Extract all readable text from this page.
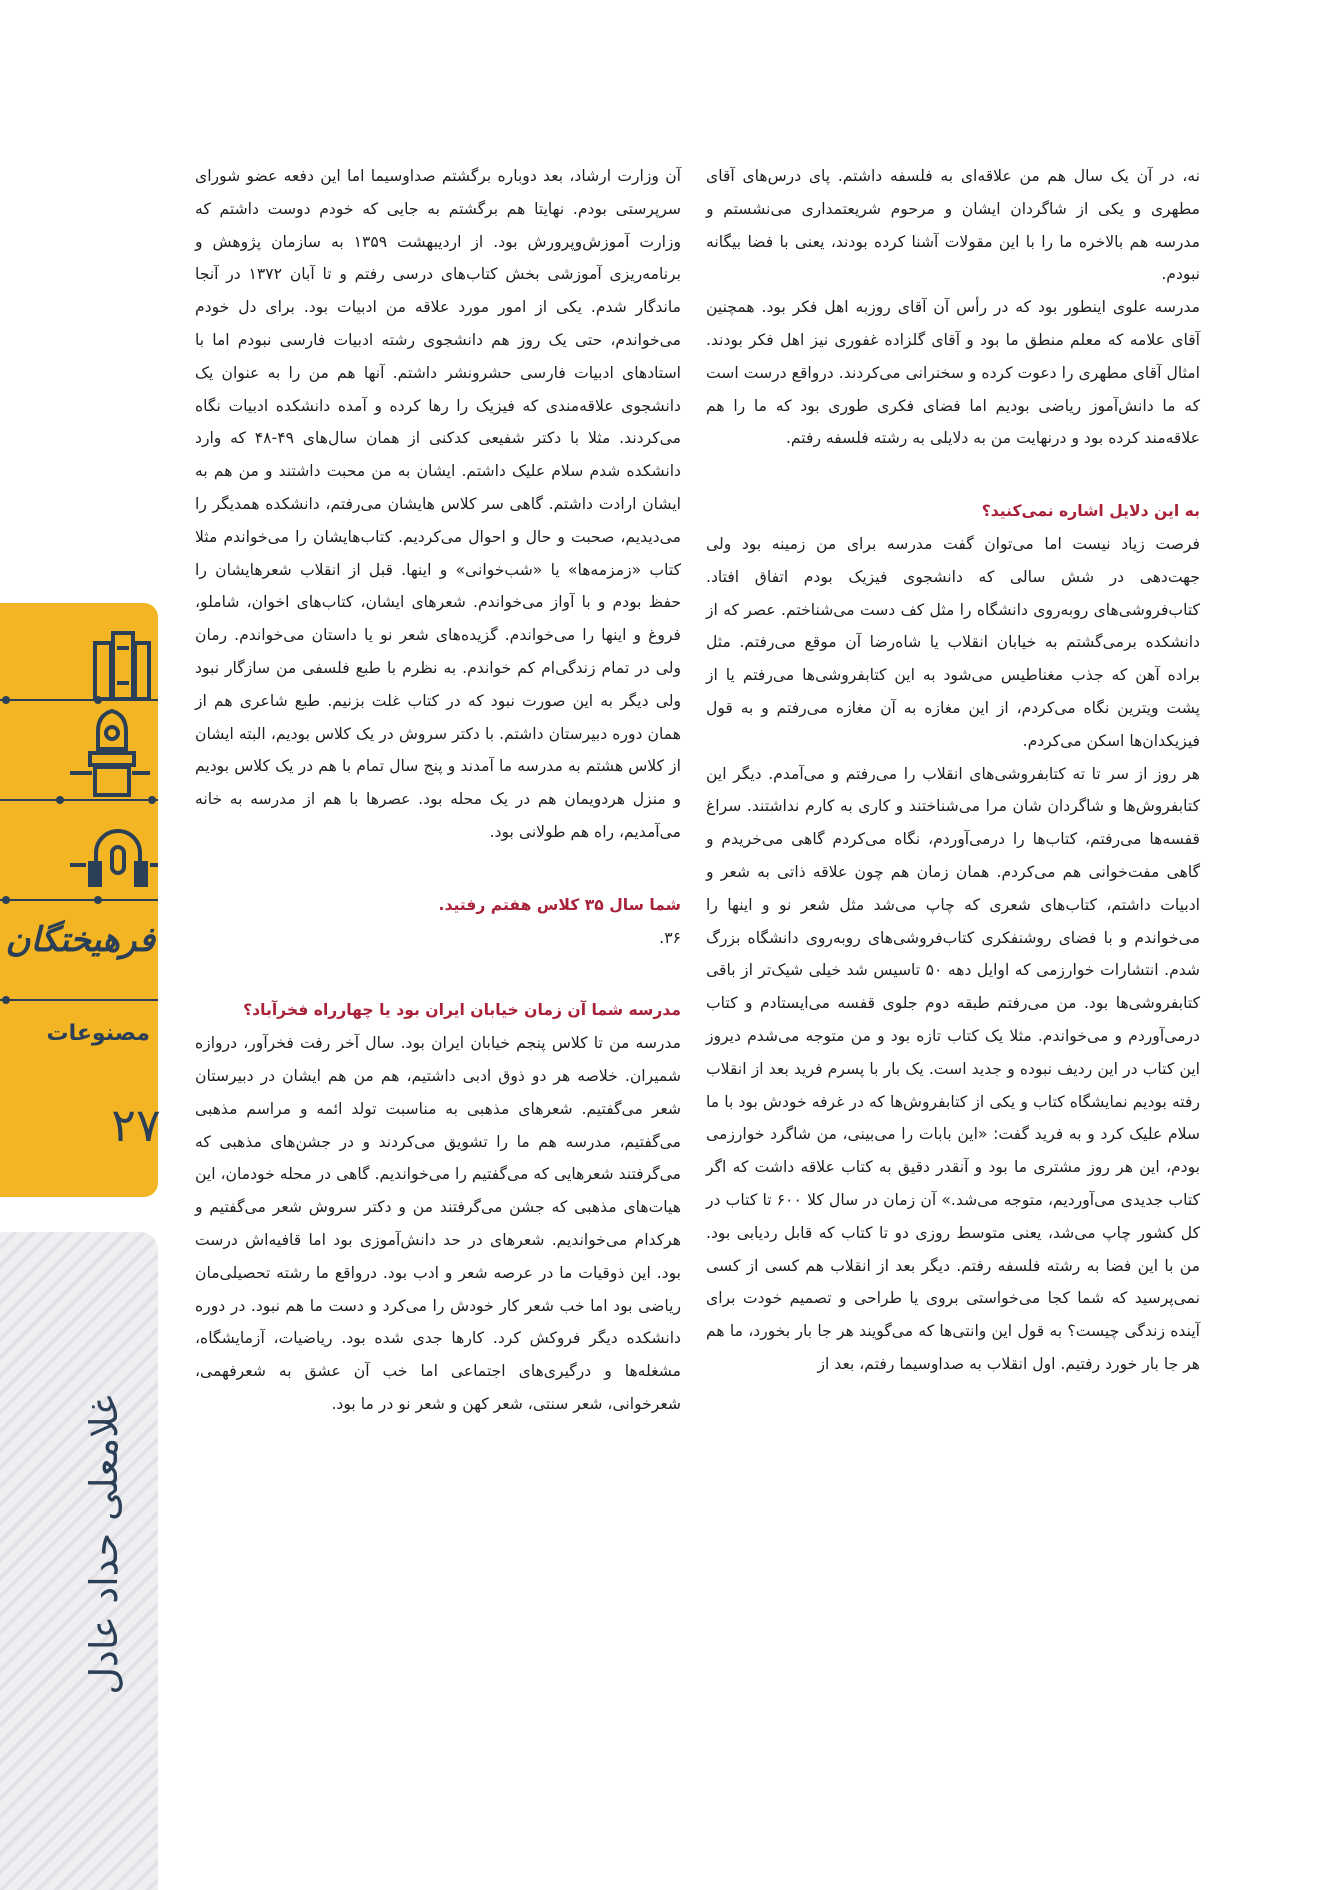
نه، در آن یک سال هم من علاقه‌ای به فلسفه داشتم. پای درس‌های آقای مطهری و یکی از شاگردان ایشان و مرحوم شریعتمداری می‌نشستم و مدرسه هم بالاخره ما را با این مقولات آشنا کرده بودند، یعنی با فضا بیگانه نبودم.

مدرسه علوی اینطور بود که در رأس آن آقای روزبه اهل فکر بود. همچنین آقای علامه که معلم منطق ما بود و آقای گلزاده غفوری نیز اهل فکر بودند. امثال آقای مطهری را دعوت کرده و سخنرانی می‌کردند. درواقع درست است که ما دانش‌آموز ریاضی بودیم اما فضای فکری طوری بود که ما را هم علاقه‌مند کرده بود و درنهایت من به دلایلی به رشته فلسفه رفتم.

به این دلایل اشاره نمی‌کنید؟

فرصت زیاد نیست اما می‌توان گفت مدرسه برای من زمینه بود ولی جهت‌دهی در شش سالی که دانشجوی فیزیک بودم اتفاق افتاد. کتاب‌فروشی‌های روبه‌روی دانشگاه را مثل کف دست می‌شناختم. عصر که از دانشکده برمی‌گشتم به خیابان انقلاب یا شاه‌رضا آن موقع می‌رفتم. مثل براده آهن که جذب مغناطیس می‌شود به این کتابفروشی‌ها می‌رفتم یا از پشت ویترین نگاه می‌کردم، از این مغازه به آن مغازه می‌رفتم و به قول فیزیکدان‌ها اسکن می‌کردم.

هر روز از سر تا ته کتابفروشی‌های انقلاب را می‌رفتم و می‌آمدم. دیگر این کتابفروش‌ها و شاگردان شان مرا می‌شناختند و کاری به کارم نداشتند. سراغ قفسه‌ها می‌رفتم، کتاب‌ها را درمی‌آوردم، نگاه می‌کردم گاهی می‌خریدم و گاهی مفت‌خوانی هم می‌کردم. همان زمان هم چون علاقه ذاتی به شعر و ادبیات داشتم، کتاب‌های شعری که چاپ می‌شد مثل شعر نو و اینها را می‌خواندم و با فضای روشنفکری کتاب‌فروشی‌های روبه‌روی دانشگاه بزرگ شدم. انتشارات خوارزمی که اوایل دهه ۵۰ تاسیس شد خیلی شیک‌تر از باقی کتابفروشی‌ها بود. من می‌رفتم طبقه دوم جلوی قفسه می‌ایستادم و کتاب درمی‌آوردم و می‌خواندم. مثلا یک کتاب تازه بود و من متوجه می‌شدم دیروز این کتاب در این ردیف نبوده و جدید است. یک بار با پسرم فرید بعد از انقلاب رفته بودیم نمایشگاه کتاب و یکی از کتابفروش‌ها که در غرفه خودش بود با ما سلام علیک کرد و به فرید گفت: «این بابات را می‌بینی، من شاگرد خوارزمی بودم، این هر روز مشتری ما بود و آنقدر دقیق به کتاب علاقه داشت که اگر کتاب جدیدی می‌آوردیم، متوجه می‌شد.» آن زمان در سال کلا ۶۰۰ تا کتاب در کل کشور چاپ می‌شد، یعنی متوسط روزی دو تا کتاب که قابل ردیابی بود. من با این فضا به رشته فلسفه رفتم. دیگر بعد از انقلاب هم کسی از کسی نمی‌پرسید که شما کجا می‌خواستی بروی یا طراحی و تصمیم خودت برای آینده زندگی چیست؟ به قول این وانتی‌ها که می‌گویند هر جا بار بخورد، ما هم هر جا بار خورد رفتیم. اول انقلاب به صداوسیما رفتم، بعد از

آن وزارت ارشاد، بعد دوباره برگشتم صداوسیما اما این دفعه عضو شورای سرپرستی بودم. نهایتا هم برگشتم به جایی که خودم دوست داشتم که وزارت آموزش‌وپرورش بود. از اردیبهشت ۱۳۵۹ به سازمان پژوهش و برنامه‌ریزی آموزشی بخش کتاب‌های درسی رفتم و تا آبان ۱۳۷۲ در آنجا ماندگار شدم. یکی از امور مورد علاقه من ادبیات بود. برای دل خودم می‌خواندم، حتی یک روز هم دانشجوی رشته ادبیات فارسی نبودم اما با استادهای ادبیات فارسی حشرونشر داشتم. آنها هم من را به عنوان یک دانشجوی علاقه‌مندی که فیزیک را رها کرده و آمده دانشکده ادبیات نگاه می‌کردند. مثلا با دکتر شفیعی کدکنی از همان سال‌های ۴۹-۴۸ که وارد دانشکده شدم سلام علیک داشتم. ایشان به من محبت داشتند و من هم به ایشان ارادت داشتم. گاهی سر کلاس هایشان می‌رفتم، دانشکده همدیگر را می‌دیدیم، صحبت و حال و احوال می‌کردیم. کتاب‌هایشان را می‌خواندم مثلا کتاب «زمزمه‌ها» یا «شب‌خوانی» و اینها. قبل از انقلاب شعرهایشان را حفظ بودم و با آواز می‌خواندم. شعرهای ایشان، کتاب‌های اخوان، شاملو، فروغ و اینها را می‌خواندم. گزیده‌های شعر نو یا داستان می‌خواندم. رمان ولی در تمام زندگی‌ام کم خواندم. به نظرم با طبع فلسفی من سازگار نبود ولی دیگر به این صورت نبود که در کتاب غلت بزنیم. طبع شاعری هم از همان دوره دبیرستان داشتم. با دکتر سروش در یک کلاس بودیم، البته ایشان از کلاس هشتم به مدرسه ما آمدند و پنج سال تمام با هم در یک کلاس بودیم و منزل هردویمان هم در یک محله بود. عصرها با هم از مدرسه به خانه می‌آمدیم، راه هم طولانی بود.

شما سال ۳۵ کلاس هفتم رفتید.

۳۶.

مدرسه شما آن زمان خیابان ایران بود یا چهارراه فخرآباد؟

مدرسه من تا کلاس پنجم خیابان ایران بود. سال آخر رفت فخرآور، دروازه شمیران. خلاصه هر دو ذوق ادبی داشتیم، هم من هم ایشان در دبیرستان شعر می‌گفتیم. شعرهای مذهبی به مناسبت تولد ائمه و مراسم مذهبی می‌گفتیم، مدرسه هم ما را تشویق می‌کردند و در جشن‌های مذهبی که می‌گرفتند شعرهایی که می‌گفتیم را می‌خواندیم. گاهی در محله خودمان، این هیات‌های مذهبی که جشن می‌گرفتند من و دکتر سروش شعر می‌گفتیم و هرکدام می‌خواندیم. شعرهای در حد دانش‌آموزی بود اما قافیه‌اش درست بود. این ذوقیات ما در عرصه شعر و ادب بود. درواقع ما رشته تحصیلی‌مان ریاضی بود اما خب شعر کار خودش را می‌کرد و دست ما هم نبود. در دوره دانشکده دیگر فروکش کرد. کارها جدی شده بود. ریاضیات، آزمایشگاه، مشغله‌ها و درگیری‌های اجتماعی اما خب آن عشق به شعرفهمی، شعرخوانی، شعر سنتی، شعر کهن و شعر نو در ما بود.

فرهیختگان
مصنوعات
۲۷
غلامعلی حداد عادل
